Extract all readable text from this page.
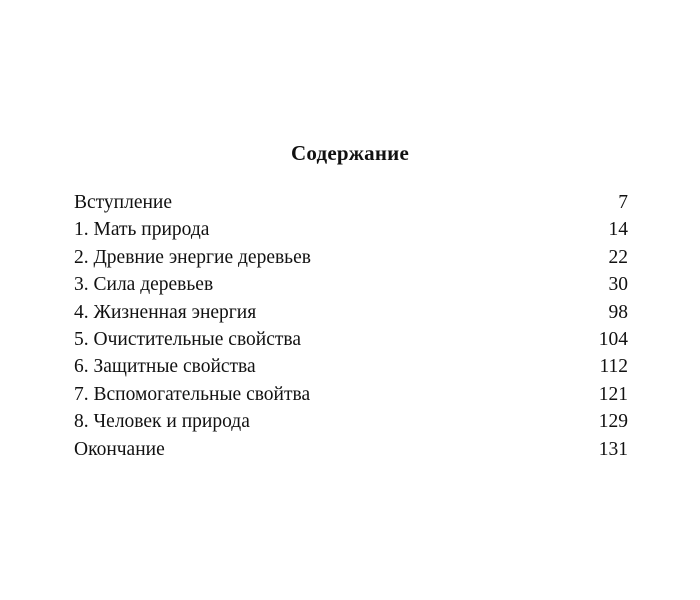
Содержание
Вступление	7
1. Мать природа	14
2. Древние энергие деревьев	22
3. Сила деревьев	30
4. Жизненная энергия	98
5. Очистительные свойства	104
6. Защитные свойства	112
7. Вспомогательные свойтва	121
8. Человек и природа	129
Окончание	131
